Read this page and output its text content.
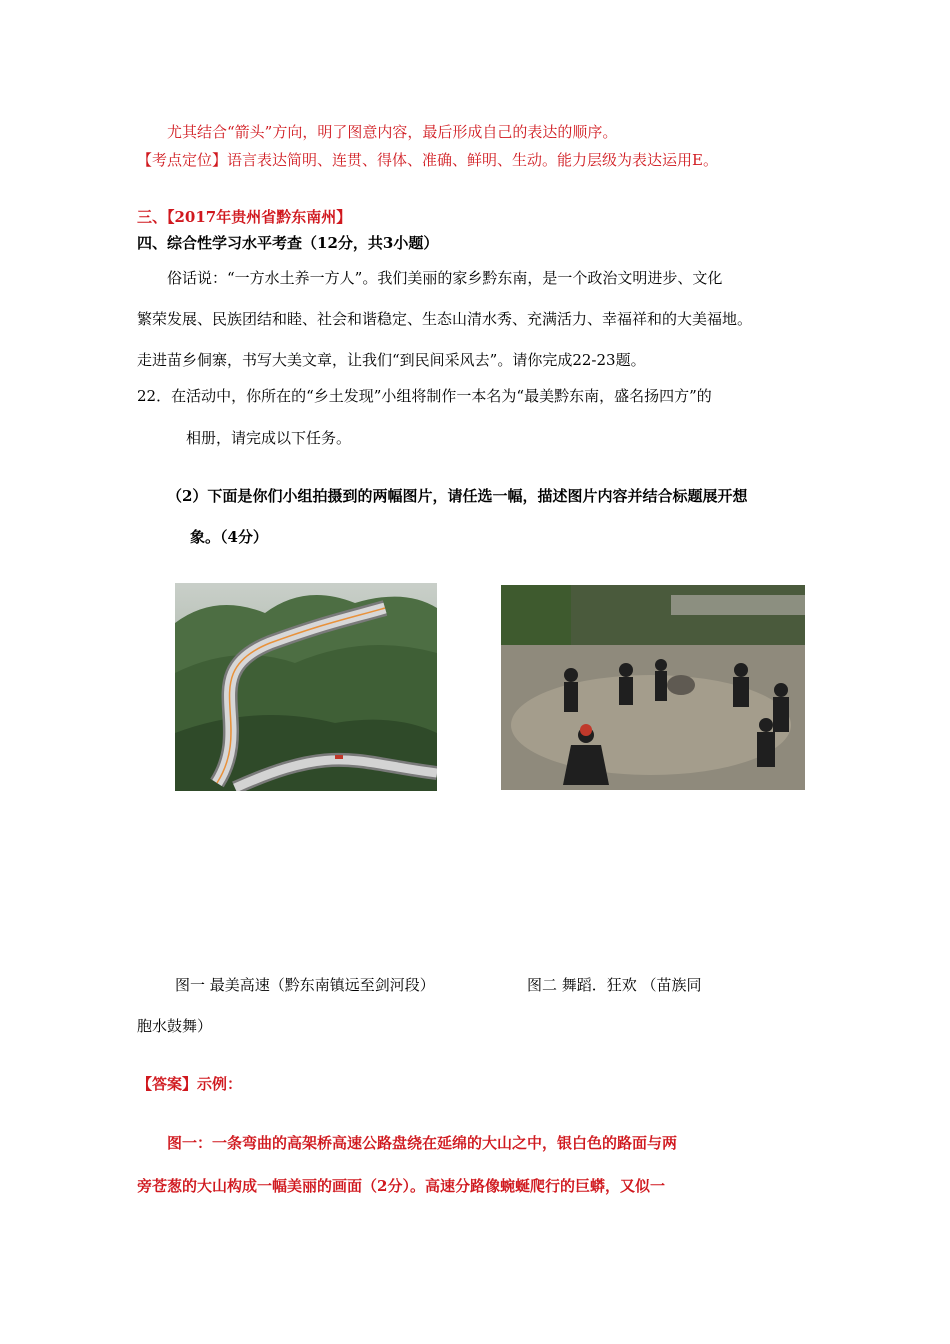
尤其结合“箭头”方向，明了图意内容，最后形成自己的表达的顺序。
【考点定位】语言表达简明、连贯、得体、准确、鲜明、生动。能力层级为表达运用E。
三、【2017年贵州省黔东南州】
四、综合性学习水平考查（12分，共3小题）
俗话说：“一方水土养一方人”。我们美丽的家乡黔东南，是一个政治文明进步、文化
繁荣发展、民族团结和睦、社会和谐稳定、生态山清水秀、充满活力、幸福祥和的大美福地。
走进苗乡侗寨，书写大美文章，让我们“到民间采风去”。请你完成22-23题。
22．在活动中，你所在的“乡土发现”小组将制作一本名为“最美黔东南，盛名扬四方”的
相册，请完成以下任务。
（2）下面是你们小组拍摄到的两幅图片，请任选一幅，描述图片内容并结合标题展开想
象。（4分）
图一 最美高速（黔东南镇远至剑河段）	图二 舞蹈．狂欢 （苗族同
胞水鼓舞）
【答案】示例：
图一：一条弯曲的高架桥高速公路盘绕在延绵的大山之中，银白色的路面与两
旁苍葱的大山构成一幅美丽的画面（2分）。高速分路像蜿蜒爬行的巨蟒，又似一
